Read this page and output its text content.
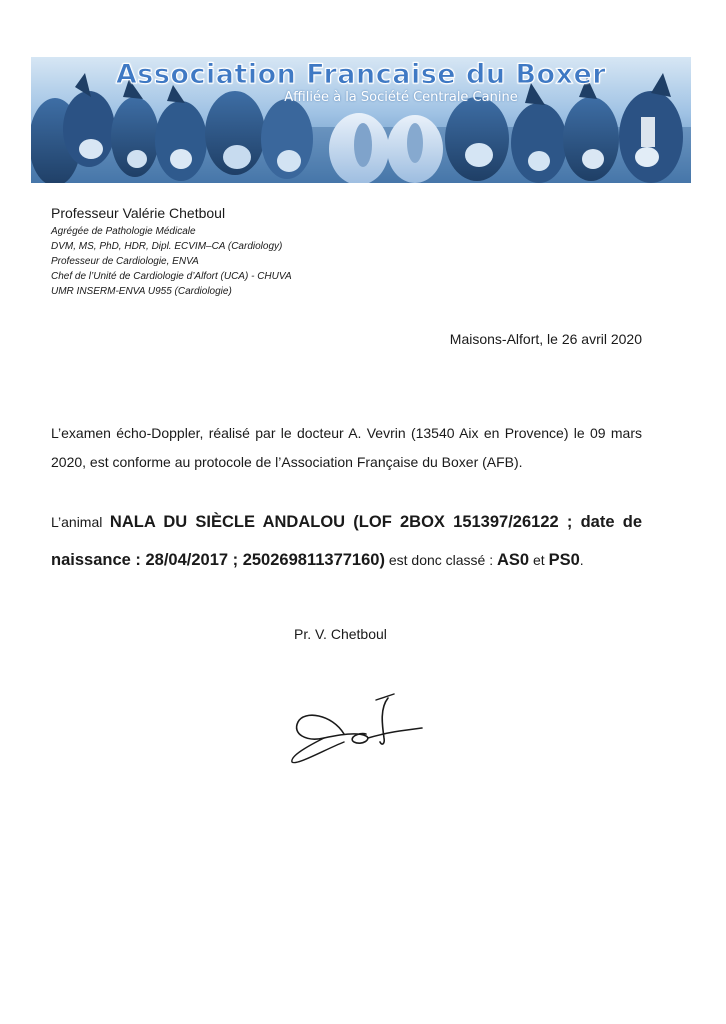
Association Francaise du Boxer
Affiliée à la Société Centrale Canine
Professeur Valérie Chetboul
Agrégée de Pathologie Médicale
DVM, MS, PhD, HDR, Dipl. ECVIM–CA (Cardiology)
Professeur de Cardiologie, ENVA
Chef de l’Unité de Cardiologie d’Alfort (UCA) - CHUVA
UMR INSERM-ENVA U955 (Cardiologie)
Maisons-Alfort, le 26 avril 2020
L’examen écho-Doppler, réalisé par le docteur A. Vevrin (13540 Aix en Provence) le 09 mars 2020, est conforme au protocole de l’Association Française du Boxer (AFB).
L’animal NALA DU SIÈCLE ANDALOU (LOF 2BOX 151397/26122 ; date de naissance : 28/04/2017 ; 250269811377160) est donc classé : AS0 et PS0.
Pr. V. Chetboul
